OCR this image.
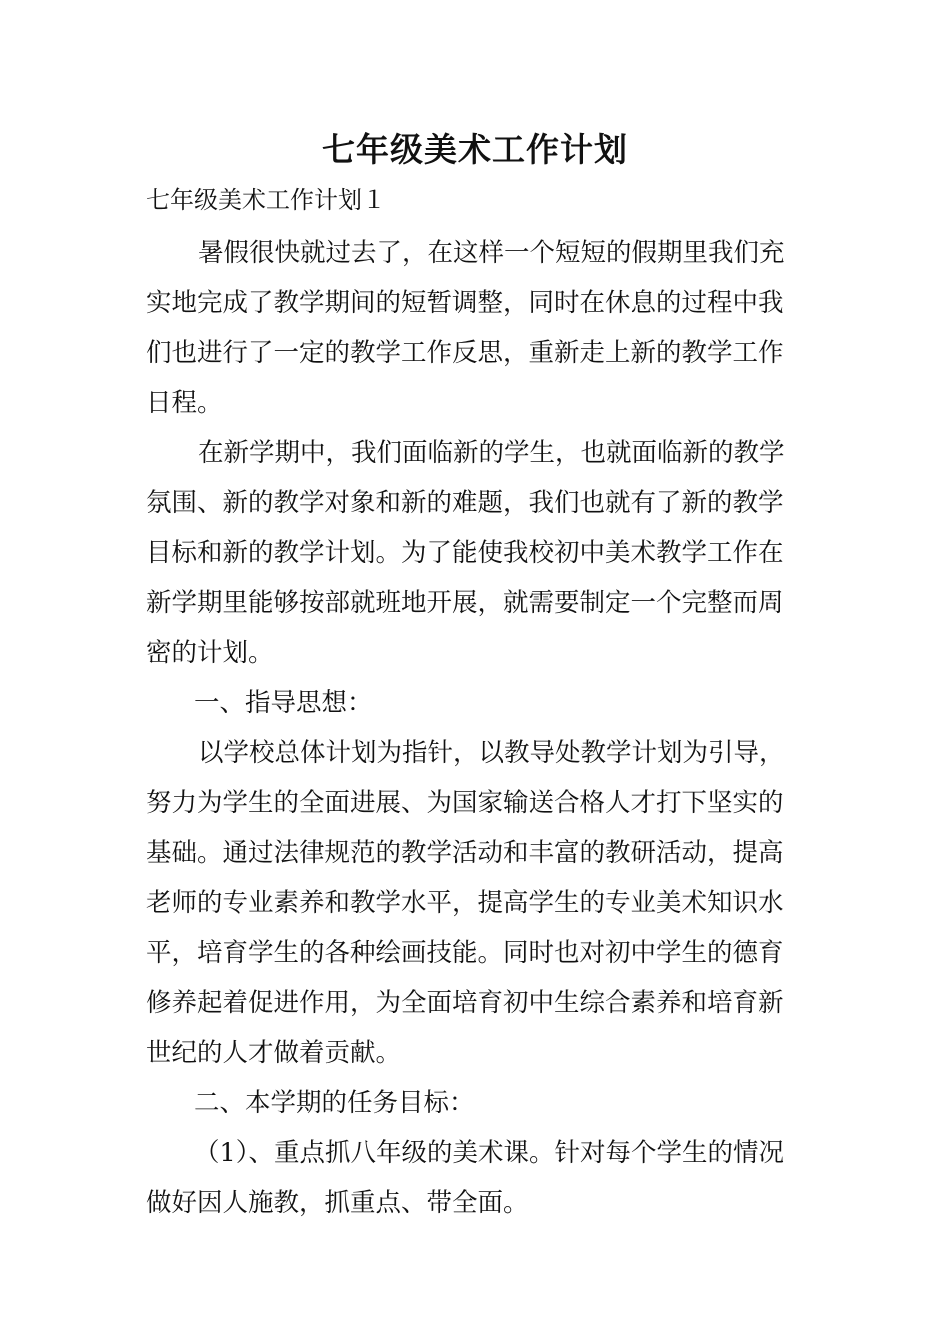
七年级美术工作计划
七年级美术工作计划１
暑假很快就过去了，在这样一个短短的假期里我们充
实地完成了教学期间的短暂调整，同时在休息的过程中我
们也进行了一定的教学工作反思，重新走上新的教学工作
日程。
在新学期中，我们面临新的学生，也就面临新的教学
氛围、新的教学对象和新的难题，我们也就有了新的教学
目标和新的教学计划。为了能使我校初中美术教学工作在
新学期里能够按部就班地开展，就需要制定一个完整而周
密的计划。
一、指导思想：
以学校总体计划为指针，以教导处教学计划为引导，
努力为学生的全面进展、为国家输送合格人才打下坚实的
基础。通过法律规范的教学活动和丰富的教研活动，提高
老师的专业素养和教学水平，提高学生的专业美术知识水
平，培育学生的各种绘画技能。同时也对初中学生的德育
修养起着促进作用，为全面培育初中生综合素养和培育新
世纪的人才做着贡献。
二、本学期的任务目标：
（1）、重点抓八年级的美术课。针对每个学生的情况
做好因人施教，抓重点、带全面。
